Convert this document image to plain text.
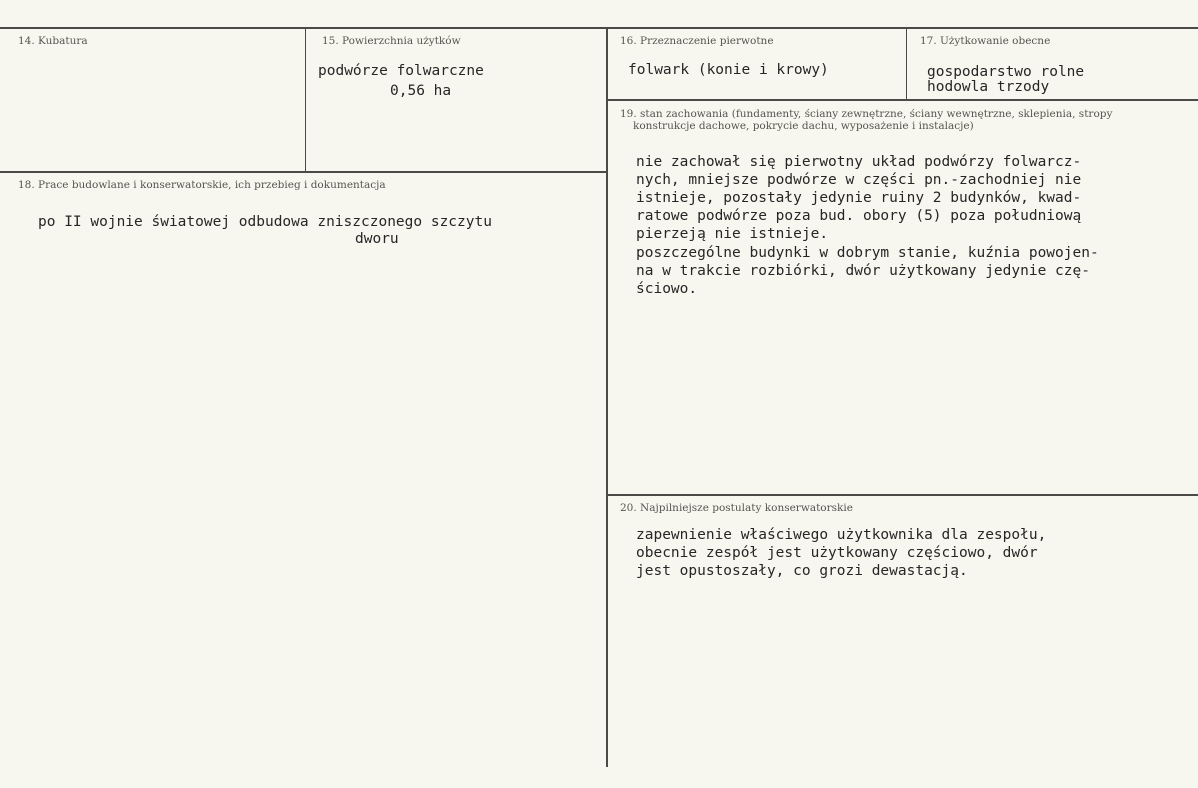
14. Kubatura	15. Powierzchnia użytków

podwórze folwarczne

0,56 ha

16. Przeznaczenie pierwotne

folwark (konie i krowy)

17. Użytkowanie obecne

gospodarstwo rolne

hodowla trzody

18. Prace budowlane i konserwatorskie, ich przebieg i dokumentacja

po II wojnie światowej odbudowa zniszczonego szczytu

dworu

19. stan zachowania (fundamenty, ściany zewnętrzne, ściany wewnętrzne, sklepienia, stropy

konstrukcje dachowe, pokrycie dachu, wyposażenie i instalacje)

nie zachował się pierwotny układ podwórzy folwarcz-
nych, mniejsze podwórze w części pn.-zachodniej nie
istnieje, pozostały jedynie ruiny 2 budynków, kwad-
ratowe podwórze poza bud. obory (5) poza południową
pierzeją nie istnieje.

poszczególne budynki w dobrym stanie, kuźnia powojen-
na w trakcie rozbiórki, dwór użytkowany jedynie czę-
ściowo.

20. Najpilniejsze postulaty konserwatorskie

zapewnienie właściwego użytkownika dla zespołu,
obecnie zespół jest użytkowany częściowo, dwór
jest opustoszały, co grozi dewastacją.
